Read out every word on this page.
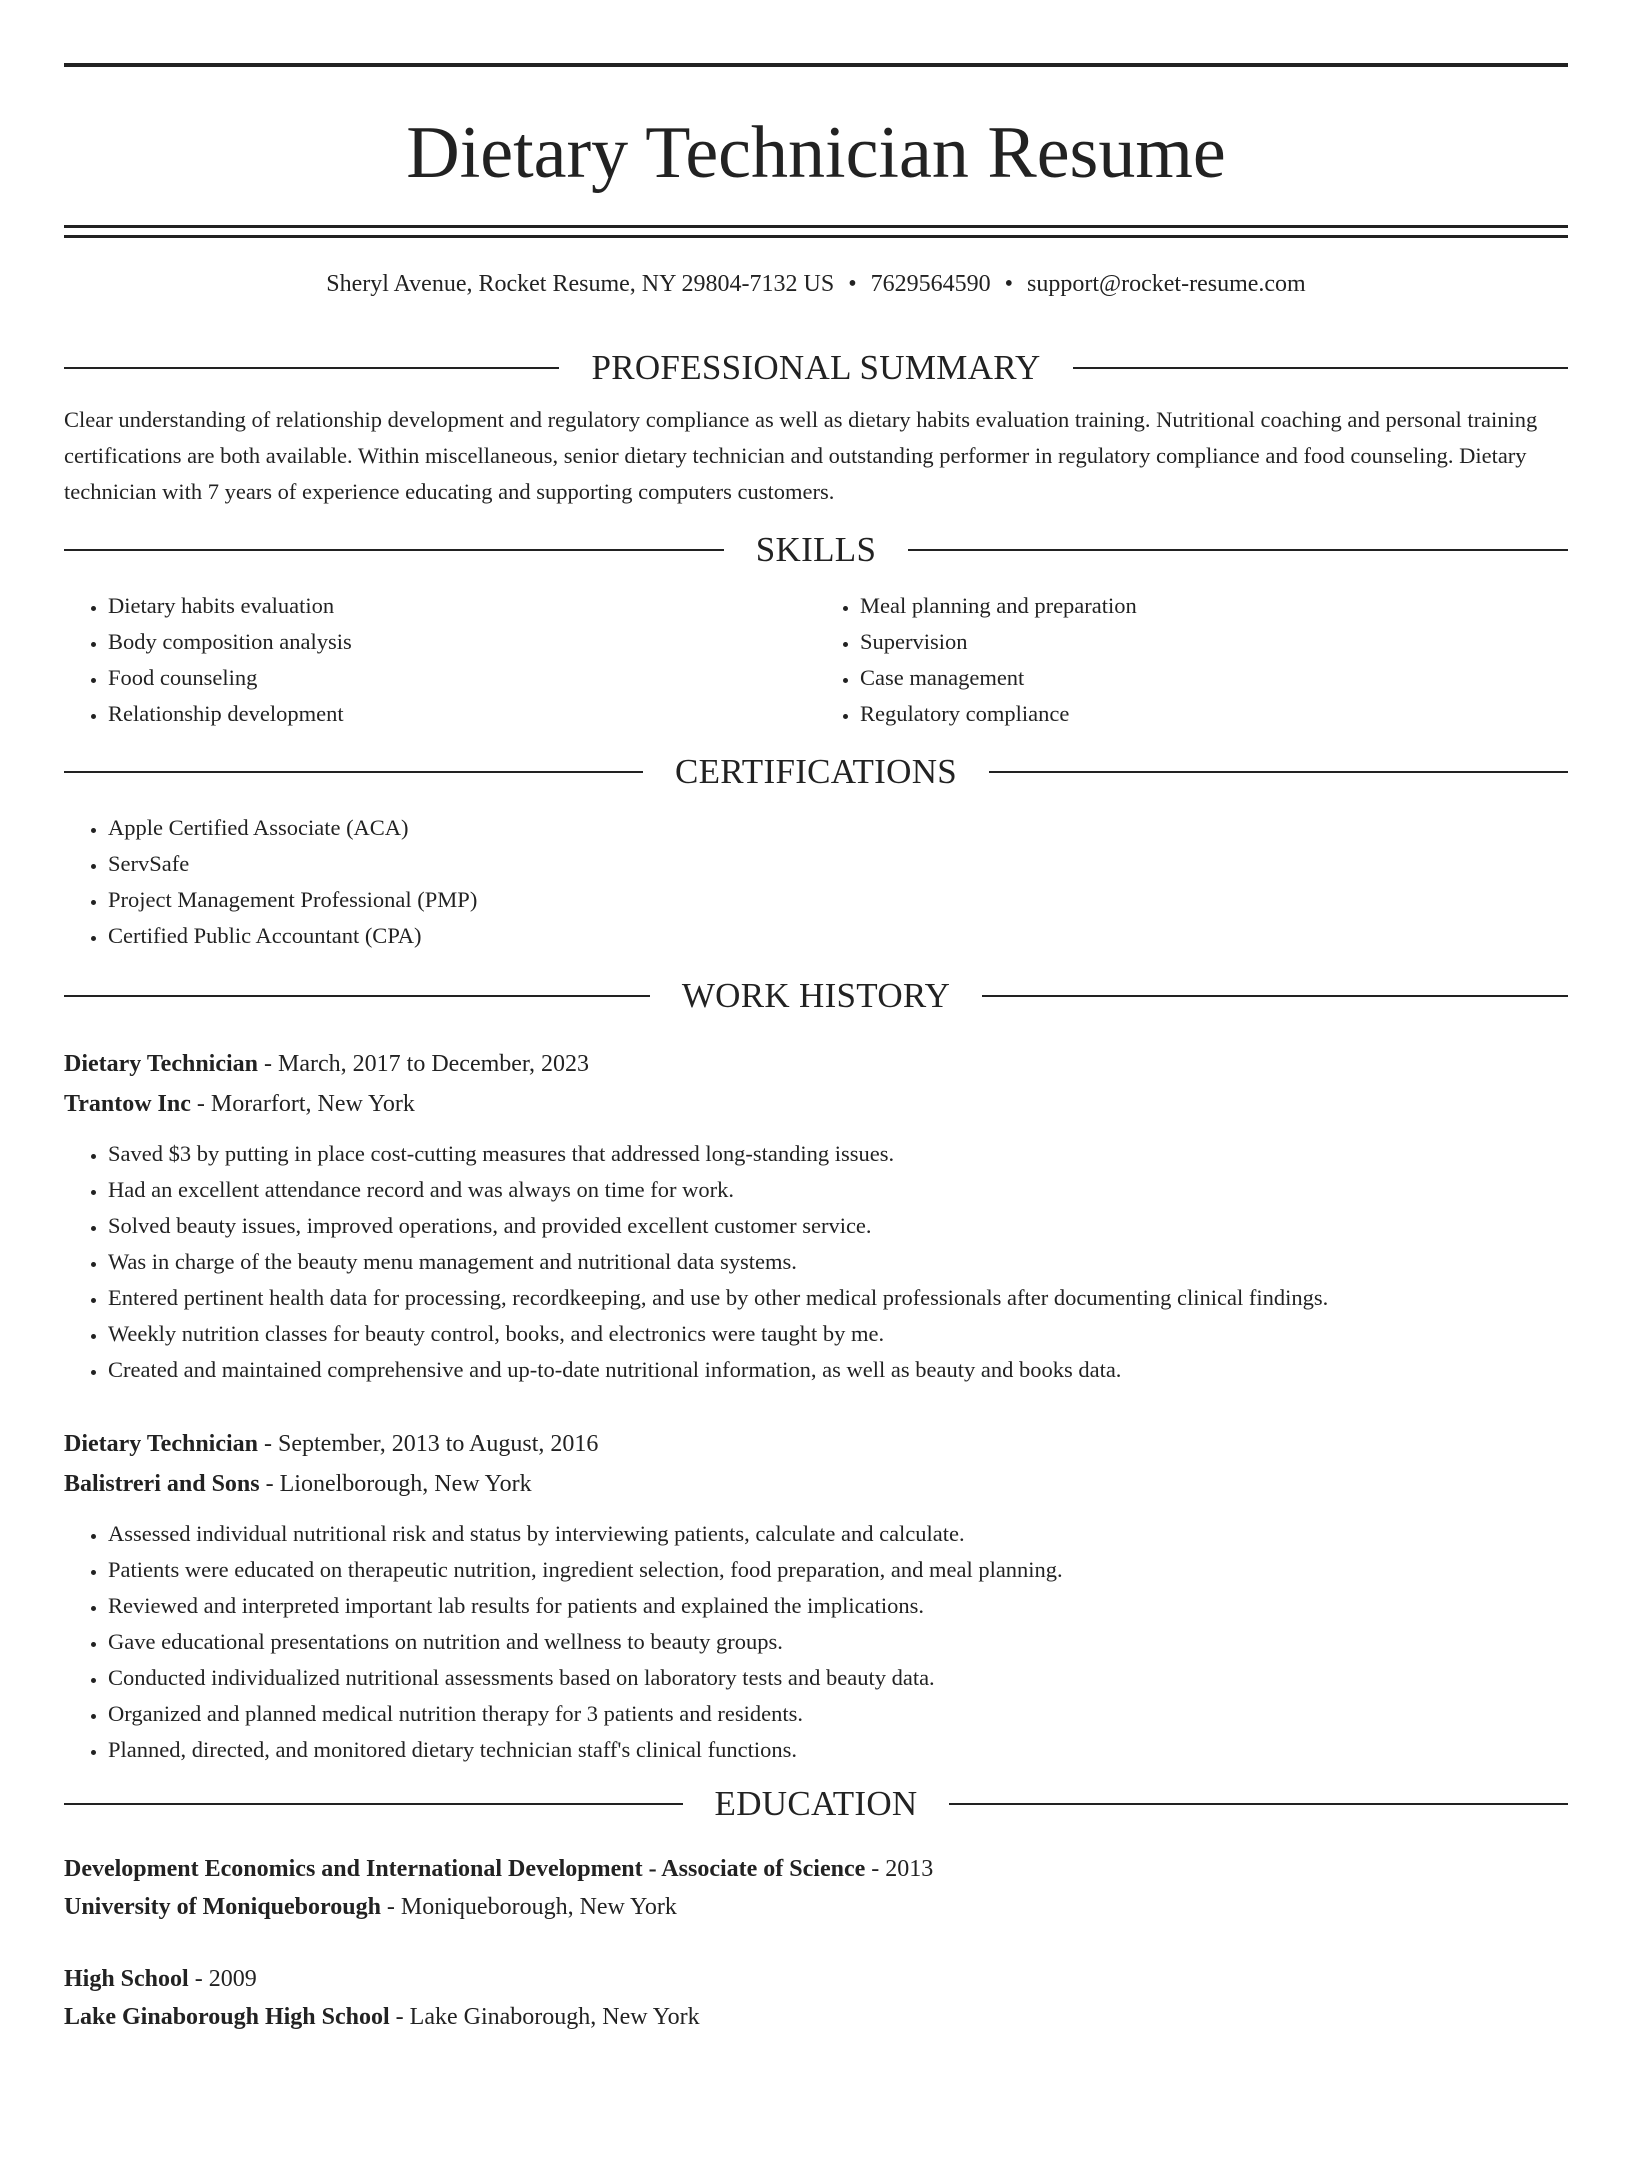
Dietary Technician Resume
Sheryl Avenue, Rocket Resume, NY 29804-7132 US • 7629564590 • support@rocket-resume.com
PROFESSIONAL SUMMARY
Clear understanding of relationship development and regulatory compliance as well as dietary habits evaluation training. Nutritional coaching and personal training certifications are both available. Within miscellaneous, senior dietary technician and outstanding performer in regulatory compliance and food counseling. Dietary technician with 7 years of experience educating and supporting computers customers.
SKILLS
• Dietary habits evaluation
• Body composition analysis
• Food counseling
• Relationship development
• Meal planning and preparation
• Supervision
• Case management
• Regulatory compliance
CERTIFICATIONS
• Apple Certified Associate (ACA)
• ServSafe
• Project Management Professional (PMP)
• Certified Public Accountant (CPA)
WORK HISTORY
Dietary Technician - March, 2017 to December, 2023
Trantow Inc - Morarfort, New York
• Saved $3 by putting in place cost-cutting measures that addressed long-standing issues.
• Had an excellent attendance record and was always on time for work.
• Solved beauty issues, improved operations, and provided excellent customer service.
• Was in charge of the beauty menu management and nutritional data systems.
• Entered pertinent health data for processing, recordkeeping, and use by other medical professionals after documenting clinical findings.
• Weekly nutrition classes for beauty control, books, and electronics were taught by me.
• Created and maintained comprehensive and up-to-date nutritional information, as well as beauty and books data.
Dietary Technician - September, 2013 to August, 2016
Balistreri and Sons - Lionelborough, New York
• Assessed individual nutritional risk and status by interviewing patients, calculate and calculate.
• Patients were educated on therapeutic nutrition, ingredient selection, food preparation, and meal planning.
• Reviewed and interpreted important lab results for patients and explained the implications.
• Gave educational presentations on nutrition and wellness to beauty groups.
• Conducted individualized nutritional assessments based on laboratory tests and beauty data.
• Organized and planned medical nutrition therapy for 3 patients and residents.
• Planned, directed, and monitored dietary technician staff's clinical functions.
EDUCATION
Development Economics and International Development - Associate of Science - 2013
University of Moniqueborough - Moniqueborough, New York
High School - 2009
Lake Ginaborough High School - Lake Ginaborough, New York
